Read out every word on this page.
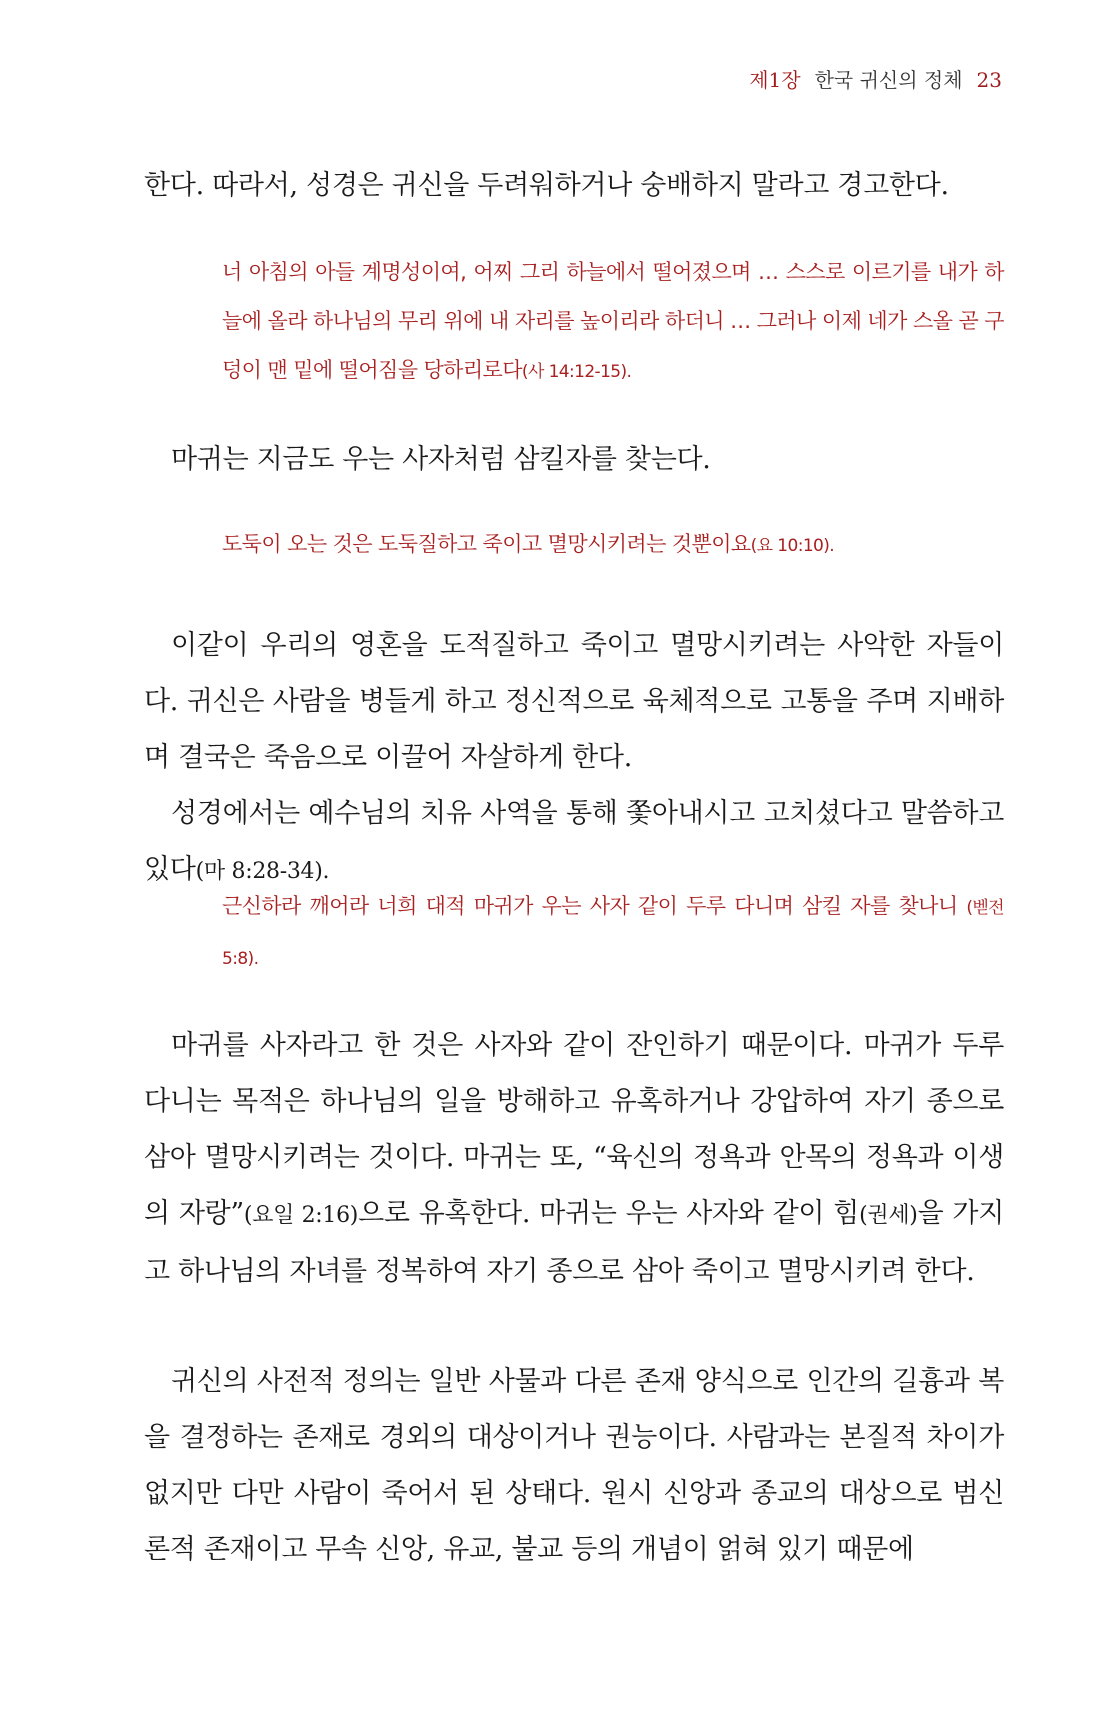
제1장 한국 귀신의 정체 23
한다. 따라서, 성경은 귀신을 두려워하거나 숭배하지 말라고 경고한다.
너 아침의 아들 계명성이여, 어찌 그리 하늘에서 떨어졌으며 … 스스로 이르기를 내가 하늘에 올라 하나님의 무리 위에 내 자리를 높이리라 하더니 … 그러나 이제 네가 스올 곧 구덩이 맨 밑에 떨어짐을 당하리로다(사 14:12-15).
마귀는 지금도 우는 사자처럼 삼킬자를 찾는다.
도둑이 오는 것은 도둑질하고 죽이고 멸망시키려는 것뿐이요(요 10:10).
이같이 우리의 영혼을 도적질하고 죽이고 멸망시키려는 사악한 자들이다. 귀신은 사람을 병들게 하고 정신적으로 육체적으로 고통을 주며 지배하며 결국은 죽음으로 이끌어 자살하게 한다.
성경에서는 예수님의 치유 사역을 통해 쫓아내시고 고치셨다고 말씀하고 있다(마 8:28-34).
근신하라 깨어라 너희 대적 마귀가 우는 사자 같이 두루 다니며 삼킬 자를 찾나니 (벧전 5:8).
마귀를 사자라고 한 것은 사자와 같이 잔인하기 때문이다. 마귀가 두루 다니는 목적은 하나님의 일을 방해하고 유혹하거나 강압하여 자기 종으로 삼아 멸망시키려는 것이다. 마귀는 또, “육신의 정욕과 안목의 정욕과 이생의 자랑”(요일 2:16)으로 유혹한다. 마귀는 우는 사자와 같이 힘(권세)을 가지고 하나님의 자녀를 정복하여 자기 종으로 삼아 죽이고 멸망시키려 한다.
귀신의 사전적 정의는 일반 사물과 다른 존재 양식으로 인간의 길흉과 복을 결정하는 존재로 경외의 대상이거나 권능이다. 사람과는 본질적 차이가 없지만 다만 사람이 죽어서 된 상태다. 원시 신앙과 종교의 대상으로 범신론적 존재이고 무속 신앙, 유교, 불교 등의 개념이 얽혀 있기 때문에
